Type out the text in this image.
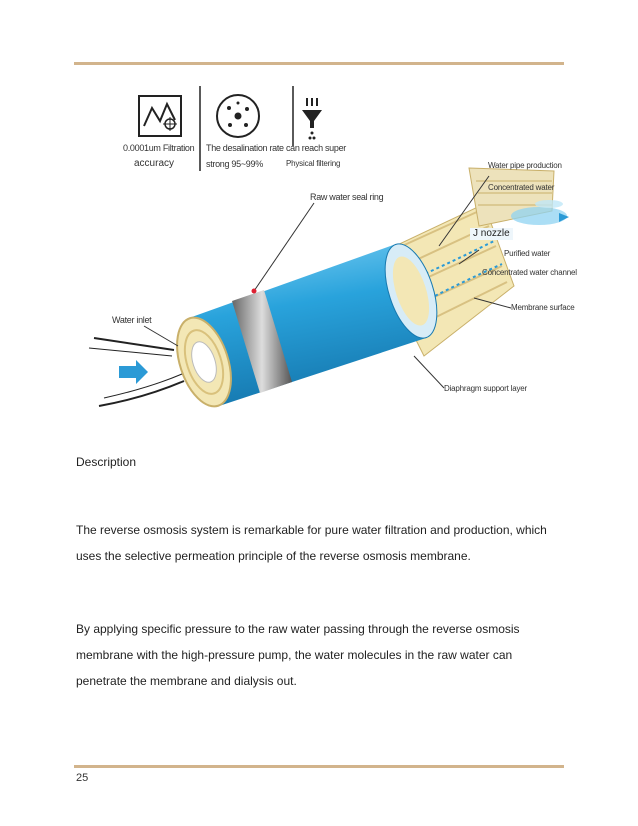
0.0001um Filtration
accuracy
The desalination rate can reach super
strong 95~99%	Physical filtering
Raw water seal ring
Water pipe production
Concentrated water
J nozzle
Purified water
Concentrated water channel
Membrane surface
Water inlet
Diaphragm support layer
Description
The reverse osmosis system is remarkable for pure water filtration and production, which uses the selective permeation principle of the reverse osmosis membrane.
By applying specific pressure to the raw water passing through the reverse osmosis membrane with the high-pressure pump, the water molecules in the raw water can penetrate the membrane and dialysis out.
25
